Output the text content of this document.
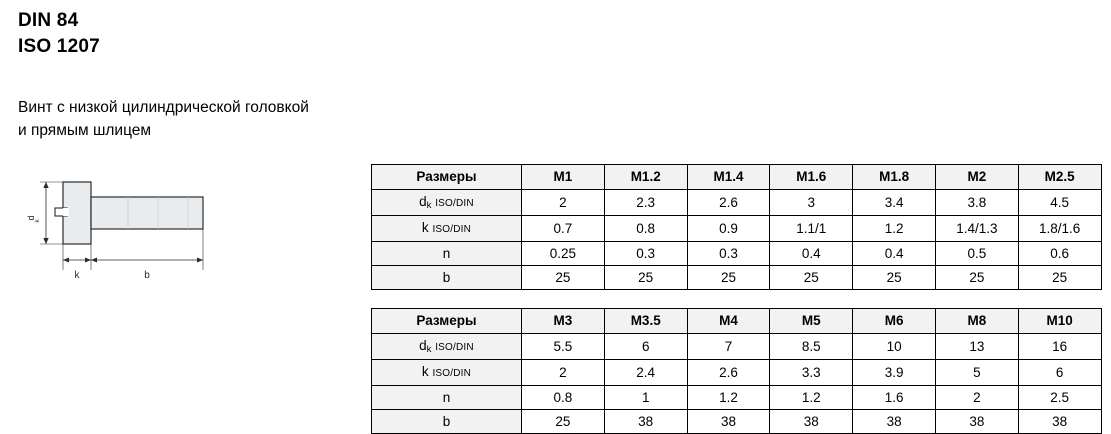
DIN 84
ISO 1207
Винт с низкой цилиндрической головкой
и прямым шлицем
d
k
k	b
Размеры	M1	M1.2	M1.4	M1.6	M1.8	M2	M2.5
dk ISO/DIN	2	2.3	2.6	3	3.4	3.8	4.5
k ISO/DIN	0.7	0.8	0.9	1.1/1	1.2	1.4/1.3	1.8/1.6
n	0.25	0.3	0.3	0.4	0.4	0.5	0.6
b	25	25	25	25	25	25	25
Размеры	M3	M3.5	M4	M5	M6	M8	M10
dk ISO/DIN	5.5	6	7	8.5	10	13	16
k ISO/DIN	2	2.4	2.6	3.3	3.9	5	6
n	0.8	1	1.2	1.2	1.6	2	2.5
b	25	38	38	38	38	38	38
